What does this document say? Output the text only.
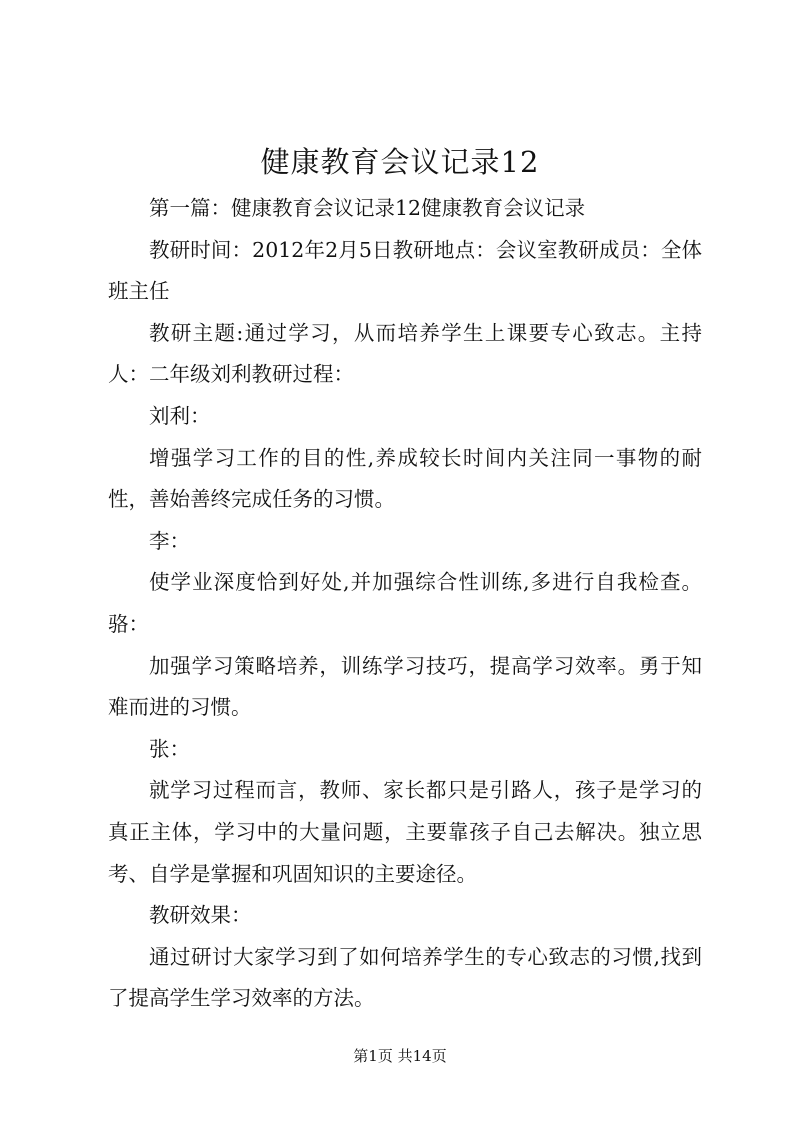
健康教育会议记录12

第一篇：健康教育会议记录12健康教育会议记录

教研时间：2012年2月5日教研地点：会议室教研成员：全体班主任

教研主题:通过学习，从而培养学生上课要专心致志。主持人：二年级刘利教研过程：

刘利：

增强学习工作的目的性,养成较长时间内关注同一事物的耐性，善始善终完成任务的习惯。

李：

使学业深度恰到好处,并加强综合性训练,多进行自我检查。骆：

加强学习策略培养，训练学习技巧，提高学习效率。勇于知难而进的习惯。

张：

就学习过程而言，教师、家长都只是引路人，孩子是学习的真正主体，学习中的大量问题，主要靠孩子自己去解决。独立思考、自学是掌握和巩固知识的主要途径。

教研效果：

通过研讨大家学习到了如何培养学生的专心致志的习惯,找到了提高学生学习效率的方法。

第1页 共14页
